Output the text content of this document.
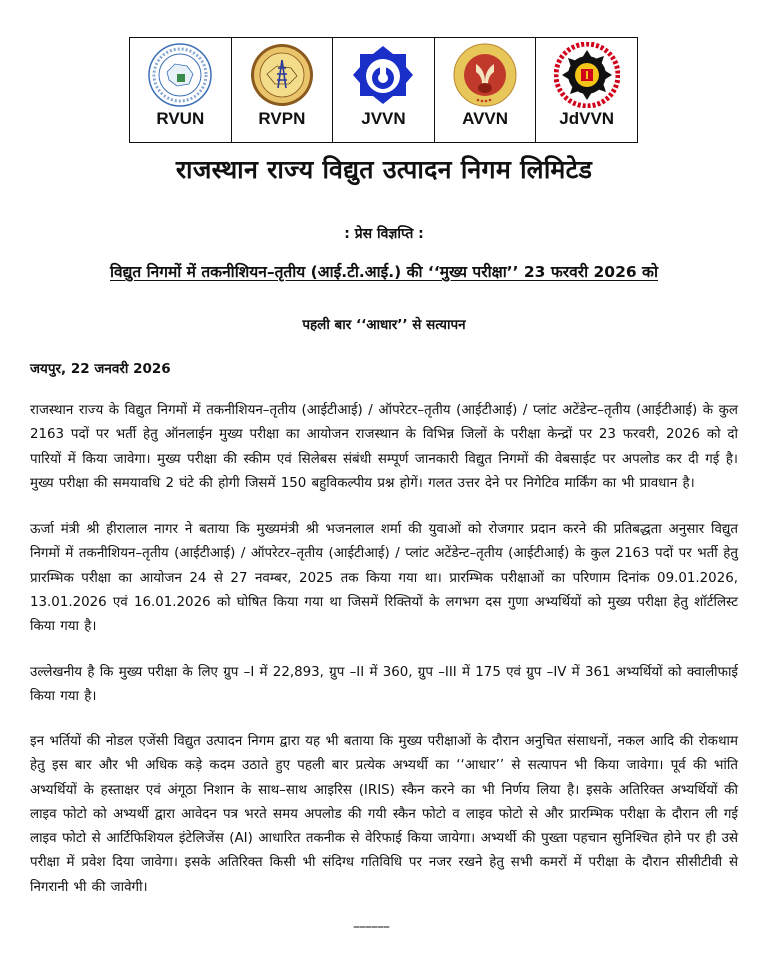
RVUN	RVPN	JVVN	AVVN	JdVVN
राजस्थान राज्य विद्युत उत्पादन निगम लिमिटेड
: प्रेस विज्ञप्ति :
विद्युत निगमों में तकनीशियन–तृतीय (आई.टी.आई.) की ‘‘मुख्य परीक्षा’’ 23 फरवरी 2026 को
पहली बार ‘‘आधार’’ से सत्यापन
जयपुर, 22 जनवरी 2026
राजस्थान राज्य के विद्युत निगमों में तकनीशियन–तृतीय (आईटीआई) / ऑपरेटर–तृतीय (आईटीआई) / प्लांट अटेंडेन्ट–तृतीय (आईटीआई) के कुल 2163 पदों पर भर्ती हेतु ऑनलाईन मुख्य परीक्षा का आयोजन राजस्थान के विभिन्न जिलों के परीक्षा केन्द्रों पर 23 फरवरी, 2026 को दो पारियों में किया जावेगा। मुख्य परीक्षा की स्कीम एवं सिलेबस संबंधी सम्पूर्ण जानकारी विद्युत निगमों की वेबसाईट पर अपलोड कर दी गई है। मुख्य परीक्षा की समयावधि 2 घंटे की होगी जिसमें 150 बहुविकल्पीय प्रश्न होगें। गलत उत्तर देने पर निगेटिव मार्किंग का भी प्रावधान है।
ऊर्जा मंत्री श्री हीरालाल नागर ने बताया कि मुख्यमंत्री श्री भजनलाल शर्मा की युवाओं को रोजगार प्रदान करने की प्रतिबद्धता अनुसार विद्युत निगमों में तकनीशियन–तृतीय (आईटीआई) / ऑपरेटर–तृतीय (आईटीआई) / प्लांट अटेंडेन्ट–तृतीय (आईटीआई) के कुल 2163 पदों पर भर्ती हेतु प्रारम्भिक परीक्षा का आयोजन 24 से 27 नवम्बर, 2025 तक किया गया था। प्रारम्भिक परीक्षाओं का परिणाम दिनांक 09.01.2026, 13.01.2026 एवं 16.01.2026 को घोषित किया गया था जिसमें रिक्तियों के लगभग दस गुणा अभ्यर्थियों को मुख्य परीक्षा हेतु शॉर्टलिस्ट किया गया है।
उल्लेखनीय है कि मुख्य परीक्षा के लिए ग्रुप –I में 22,893, ग्रुप –II में 360, ग्रुप –III में 175 एवं ग्रुप –IV में 361 अभ्यर्थियों को क्वालीफाई किया गया है।
इन भर्तियों की नोडल एजेंसी विद्युत उत्पादन निगम द्वारा यह भी बताया कि मुख्य परीक्षाओं के दौरान अनुचित संसाधनों, नकल आदि की रोकथाम हेतु इस बार और भी अधिक कड़े कदम उठाते हुए पहली बार प्रत्येक अभ्यर्थी का ‘‘आधार’’ से सत्यापन भी किया जावेगा। पूर्व की भांति अभ्यर्थियों के हस्ताक्षर एवं अंगूठा निशान के साथ–साथ आइरिस (IRIS) स्कैन करने का भी निर्णय लिया है। इसके अतिरिक्त अभ्यर्थियों की लाइव फोटो को अभ्यर्थी द्वारा आवेदन पत्र भरते समय अपलोड की गयी स्कैन फोटो व लाइव फोटो से और प्रारम्भिक परीक्षा के दौरान ली गई लाइव फोटो से आर्टिफिशियल इंटेलिजेंस (AI) आधारित तकनीक से वेरिफाई किया जायेगा। अभ्यर्थी की पुख्ता पहचान सुनिश्चित होने पर ही उसे परीक्षा में प्रवेश दिया जावेगा। इसके अतिरिक्त किसी भी संदिग्ध गतिविधि पर नजर रखने हेतु सभी कमरों में परीक्षा के दौरान सीसीटीवी से निगरानी भी की जावेगी।
––––––
